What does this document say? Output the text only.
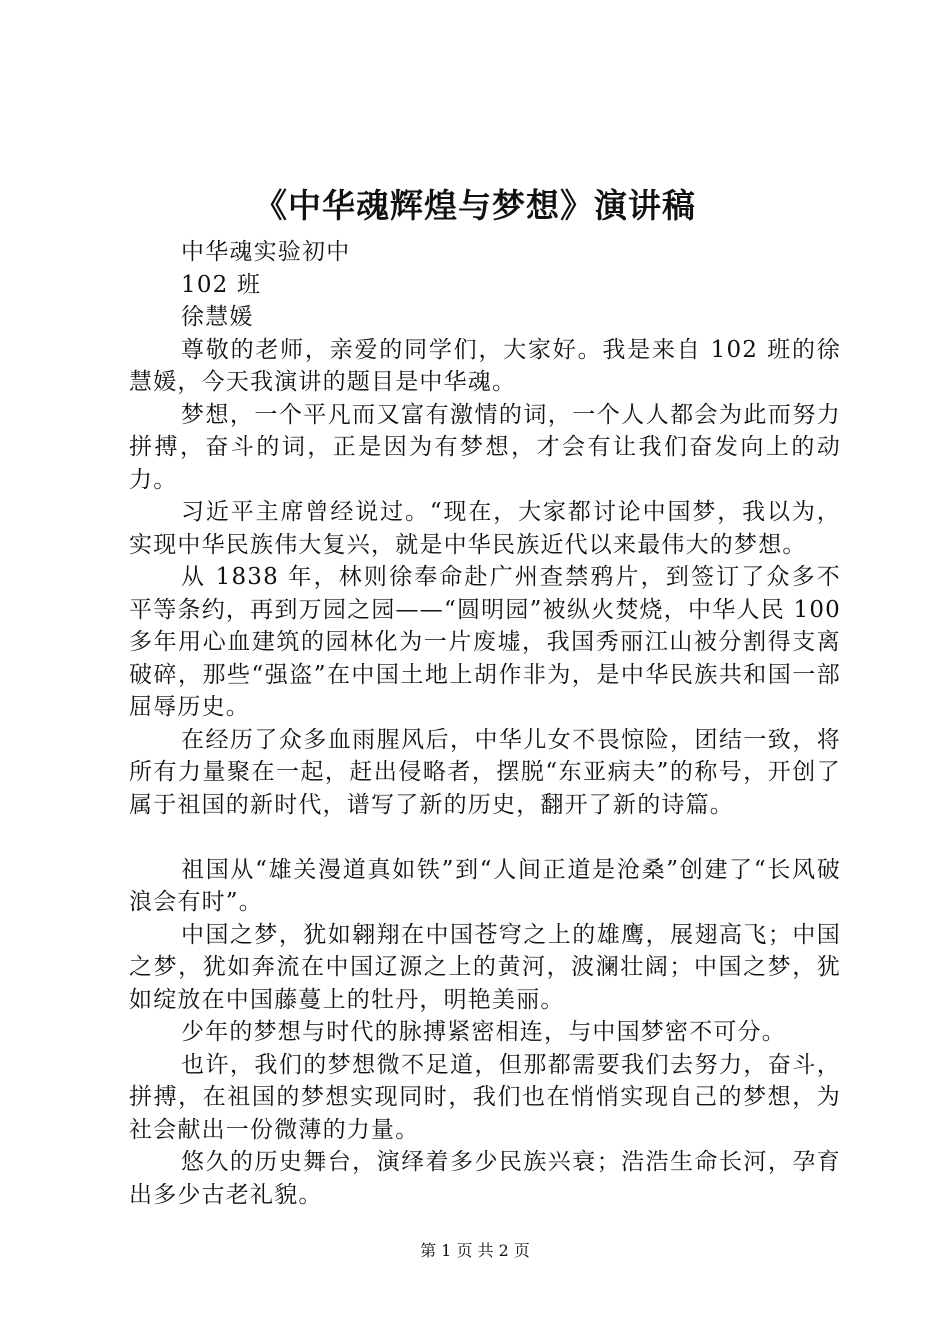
《中华魂辉煌与梦想》演讲稿

中华魂实验初中

102 班

徐慧媛

尊敬的老师，亲爱的同学们，大家好。我是来自 102 班的徐慧媛，今天我演讲的题目是中华魂。

梦想，一个平凡而又富有激情的词，一个人人都会为此而努力拼搏，奋斗的词，正是因为有梦想，才会有让我们奋发向上的动力。

习近平主席曾经说过。“现在，大家都讨论中国梦，我以为，实现中华民族伟大复兴，就是中华民族近代以来最伟大的梦想。

从 1838 年，林则徐奉命赴广州查禁鸦片，到签订了众多不平等条约，再到万园之园——“圆明园”被纵火焚烧，中华人民 100 多年用心血建筑的园林化为一片废墟，我国秀丽江山被分割得支离破碎，那些“强盗”在中国土地上胡作非为，是中华民族共和国一部屈辱历史。

在经历了众多血雨腥风后，中华儿女不畏惊险，团结一致，将所有力量聚在一起，赶出侵略者，摆脱“东亚病夫”的称号，开创了属于祖国的新时代，谱写了新的历史，翻开了新的诗篇。

祖国从“雄关漫道真如铁”到“人间正道是沧桑”创建了“长风破浪会有时”。

中国之梦，犹如翱翔在中国苍穹之上的雄鹰，展翅高飞；中国之梦，犹如奔流在中国辽源之上的黄河，波澜壮阔；中国之梦，犹如绽放在中国藤蔓上的牡丹，明艳美丽。

少年的梦想与时代的脉搏紧密相连，与中国梦密不可分。

也许，我们的梦想微不足道，但那都需要我们去努力，奋斗，拼搏，在祖国的梦想实现同时，我们也在悄悄实现自己的梦想，为社会献出一份微薄的力量。

悠久的历史舞台，演绎着多少民族兴衰；浩浩生命长河，孕育出多少古老礼貌。

第 1 页 共 2 页
